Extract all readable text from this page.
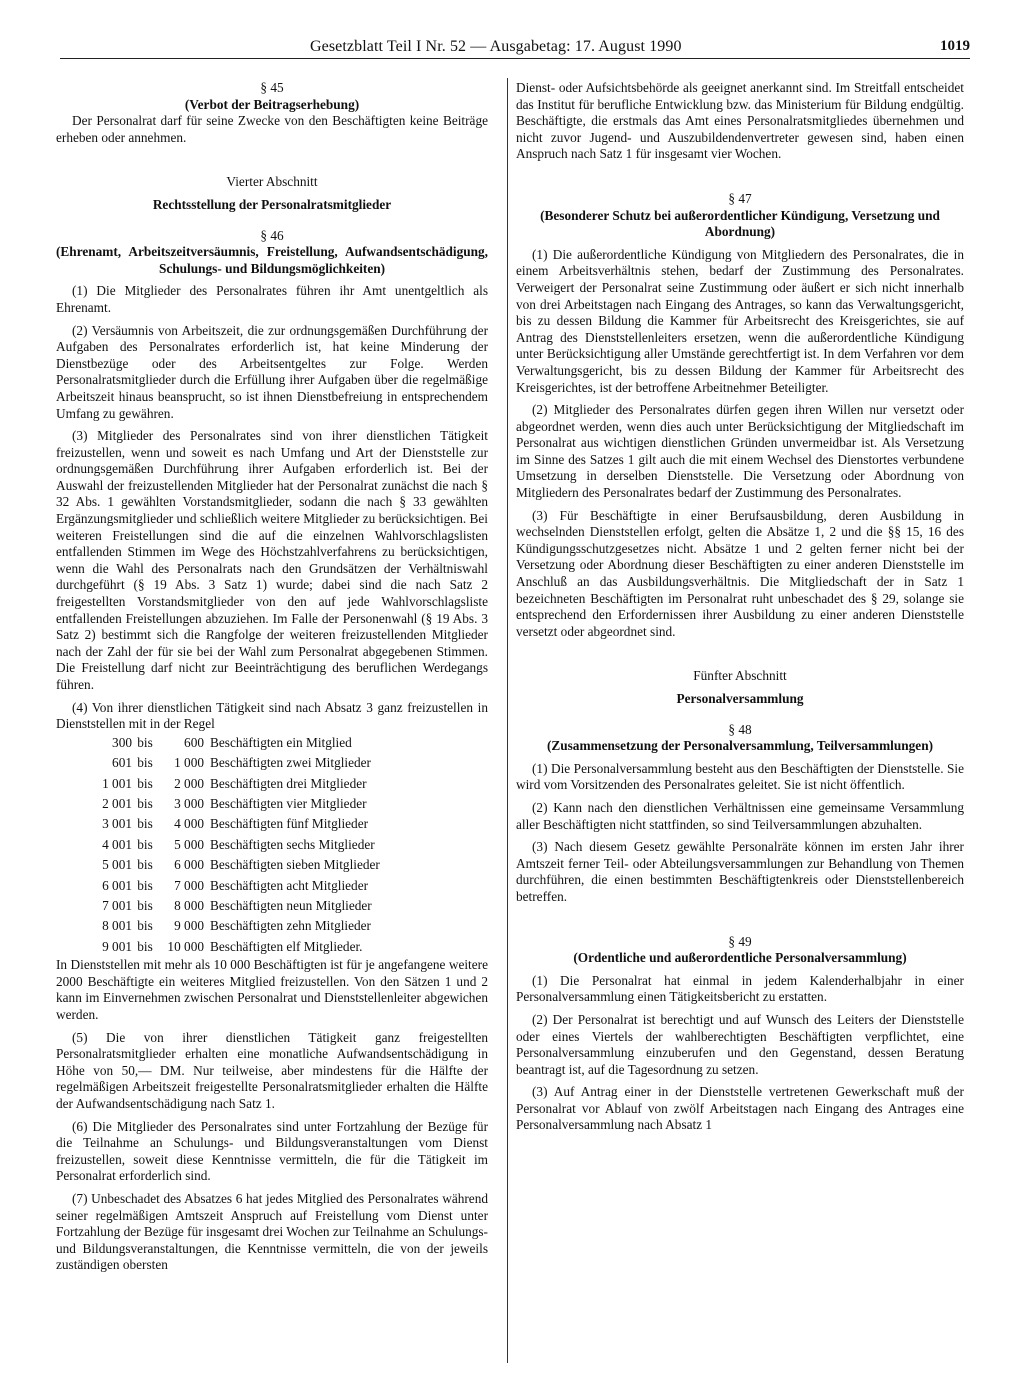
Gesetzblatt Teil I Nr. 52 — Ausgabetag: 17. August 1990	1019

§ 45

(Verbot der Beitragserhebung)

Der Personalrat darf für seine Zwecke von den Beschäftigten keine Beiträge erheben oder annehmen.

Vierter Abschnitt

Rechtsstellung der Personalratsmitglieder

§ 46

(Ehrenamt, Arbeitszeitversäumnis, Freistellung, Aufwandsentschädigung, Schulungs- und Bildungsmöglichkeiten)

(1) Die Mitglieder des Personalrates führen ihr Amt unentgeltlich als Ehrenamt.

(2) Versäumnis von Arbeitszeit, die zur ordnungsgemäßen Durchführung der Aufgaben des Personalrates erforderlich ist, hat keine Minderung der Dienstbezüge oder des Arbeitsentgeltes zur Folge. Werden Personalratsmitglieder durch die Erfüllung ihrer Aufgaben über die regelmäßige Arbeitszeit hinaus beansprucht, so ist ihnen Dienstbefreiung in entsprechendem Umfang zu gewähren.

(3) Mitglieder des Personalrates sind von ihrer dienstlichen Tätigkeit freizustellen, wenn und soweit es nach Umfang und Art der Dienststelle zur ordnungsgemäßen Durchführung ihrer Aufgaben erforderlich ist. Bei der Auswahl der freizustellenden Mitglieder hat der Personalrat zunächst die nach § 32 Abs. 1 gewählten Vorstandsmitglieder, sodann die nach § 33 gewählten Ergänzungsmitglieder und schließlich weitere Mitglieder zu berücksichtigen. Bei weiteren Freistellungen sind die auf die einzelnen Wahlvorschlagslisten entfallenden Stimmen im Wege des Höchstzahlverfahrens zu berücksichtigen, wenn die Wahl des Personalrats nach den Grundsätzen der Verhältniswahl durchgeführt (§ 19 Abs. 3 Satz 1) wurde; dabei sind die nach Satz 2 freigestellten Vorstandsmitglieder von den auf jede Wahlvorschlagsliste entfallenden Freistellungen abzuziehen. Im Falle der Personenwahl (§ 19 Abs. 3 Satz 2) bestimmt sich die Rangfolge der weiteren freizustellenden Mitglieder nach der Zahl der für sie bei der Wahl zum Personalrat abgegebenen Stimmen. Die Freistellung darf nicht zur Beeinträchtigung des beruflichen Werdegangs führen.

(4) Von ihrer dienstlichen Tätigkeit sind nach Absatz 3 ganz freizustellen in Dienststellen mit in der Regel

300 bis	600 Beschäftigten ein Mitglied
601 bis	1 000 Beschäftigten zwei Mitglieder
1 001 bis	2 000 Beschäftigten drei Mitglieder
2 001 bis	3 000 Beschäftigten vier Mitglieder
3 001 bis	4 000 Beschäftigten fünf Mitglieder
4 001 bis	5 000 Beschäftigten sechs Mitglieder
5 001 bis	6 000 Beschäftigten sieben Mitglieder
6 001 bis	7 000 Beschäftigten acht Mitglieder
7 001 bis	8 000 Beschäftigten neun Mitglieder
8 001 bis	9 000 Beschäftigten zehn Mitglieder
9 001 bis	10 000 Beschäftigten elf Mitglieder.

In Dienststellen mit mehr als 10 000 Beschäftigten ist für je angefangene weitere 2000 Beschäftigte ein weiteres Mitglied freizustellen. Von den Sätzen 1 und 2 kann im Einvernehmen zwischen Personalrat und Dienststellenleiter abgewichen werden.

(5) Die von ihrer dienstlichen Tätigkeit ganz freigestellten Personalratsmitglieder erhalten eine monatliche Aufwandsentschädigung in Höhe von 50,— DM. Nur teilweise, aber mindestens für die Hälfte der regelmäßigen Arbeitszeit freigestellte Personalratsmitglieder erhalten die Hälfte der Aufwandsentschädigung nach Satz 1.

(6) Die Mitglieder des Personalrates sind unter Fortzahlung der Bezüge für die Teilnahme an Schulungs- und Bildungsveranstaltungen vom Dienst freizustellen, soweit diese Kenntnisse vermitteln, die für die Tätigkeit im Personalrat erforderlich sind.

(7) Unbeschadet des Absatzes 6 hat jedes Mitglied des Personalrates während seiner regelmäßigen Amtszeit Anspruch auf Freistellung vom Dienst unter Fortzahlung der Bezüge für insgesamt drei Wochen zur Teilnahme an Schulungs- und Bildungsveranstaltungen, die Kenntnisse vermitteln, die von der jeweils zuständigen obersten

Dienst- oder Aufsichtsbehörde als geeignet anerkannt sind. Im Streitfall entscheidet das Institut für berufliche Entwicklung bzw. das Ministerium für Bildung endgültig. Beschäftigte, die erstmals das Amt eines Personalratsmitgliedes übernehmen und nicht zuvor Jugend- und Auszubildendenvertreter gewesen sind, haben einen Anspruch nach Satz 1 für insgesamt vier Wochen.

§ 47

(Besonderer Schutz bei außerordentlicher Kündigung, Versetzung und Abordnung)

(1) Die außerordentliche Kündigung von Mitgliedern des Personalrates, die in einem Arbeitsverhältnis stehen, bedarf der Zustimmung des Personalrates. Verweigert der Personalrat seine Zustimmung oder äußert er sich nicht innerhalb von drei Arbeitstagen nach Eingang des Antrages, so kann das Verwaltungsgericht, bis zu dessen Bildung die Kammer für Arbeitsrecht des Kreisgerichtes, sie auf Antrag des Dienststellenleiters ersetzen, wenn die außerordentliche Kündigung unter Berücksichtigung aller Umstände gerechtfertigt ist. In dem Verfahren vor dem Verwaltungsgericht, bis zu dessen Bildung der Kammer für Arbeitsrecht des Kreisgerichtes, ist der betroffene Arbeitnehmer Beteiligter.

(2) Mitglieder des Personalrates dürfen gegen ihren Willen nur versetzt oder abgeordnet werden, wenn dies auch unter Berücksichtigung der Mitgliedschaft im Personalrat aus wichtigen dienstlichen Gründen unvermeidbar ist. Als Versetzung im Sinne des Satzes 1 gilt auch die mit einem Wechsel des Dienstortes verbundene Umsetzung in derselben Dienststelle. Die Versetzung oder Abordnung von Mitgliedern des Personalrates bedarf der Zustimmung des Personalrates.

(3) Für Beschäftigte in einer Berufsausbildung, deren Ausbildung in wechselnden Dienststellen erfolgt, gelten die Absätze 1, 2 und die §§ 15, 16 des Kündigungsschutzgesetzes nicht. Absätze 1 und 2 gelten ferner nicht bei der Versetzung oder Abordnung dieser Beschäftigten zu einer anderen Dienststelle im Anschluß an das Ausbildungsverhältnis. Die Mitgliedschaft der in Satz 1 bezeichneten Beschäftigten im Personalrat ruht unbeschadet des § 29, solange sie entsprechend den Erfordernissen ihrer Ausbildung zu einer anderen Dienststelle versetzt oder abgeordnet sind.

Fünfter Abschnitt

Personalversammlung

§ 48

(Zusammensetzung der Personalversammlung, Teilversammlungen)

(1) Die Personalversammlung besteht aus den Beschäftigten der Dienststelle. Sie wird vom Vorsitzenden des Personalrates geleitet. Sie ist nicht öffentlich.

(2) Kann nach den dienstlichen Verhältnissen eine gemeinsame Versammlung aller Beschäftigten nicht stattfinden, so sind Teilversammlungen abzuhalten.

(3) Nach diesem Gesetz gewählte Personalräte können im ersten Jahr ihrer Amtszeit ferner Teil- oder Abteilungsversammlungen zur Behandlung von Themen durchführen, die einen bestimmten Beschäftigtenkreis oder Dienststellenbereich betreffen.

§ 49

(Ordentliche und außerordentliche Personalversammlung)

(1) Die Personalrat hat einmal in jedem Kalenderhalbjahr in einer Personalversammlung einen Tätigkeitsbericht zu erstatten.

(2) Der Personalrat ist berechtigt und auf Wunsch des Leiters der Dienststelle oder eines Viertels der wahlberechtigten Beschäftigten verpflichtet, eine Personalversammlung einzuberufen und den Gegenstand, dessen Beratung beantragt ist, auf die Tagesordnung zu setzen.

(3) Auf Antrag einer in der Dienststelle vertretenen Gewerkschaft muß der Personalrat vor Ablauf von zwölf Arbeitstagen nach Eingang des Antrages eine Personalversammlung nach Absatz 1
